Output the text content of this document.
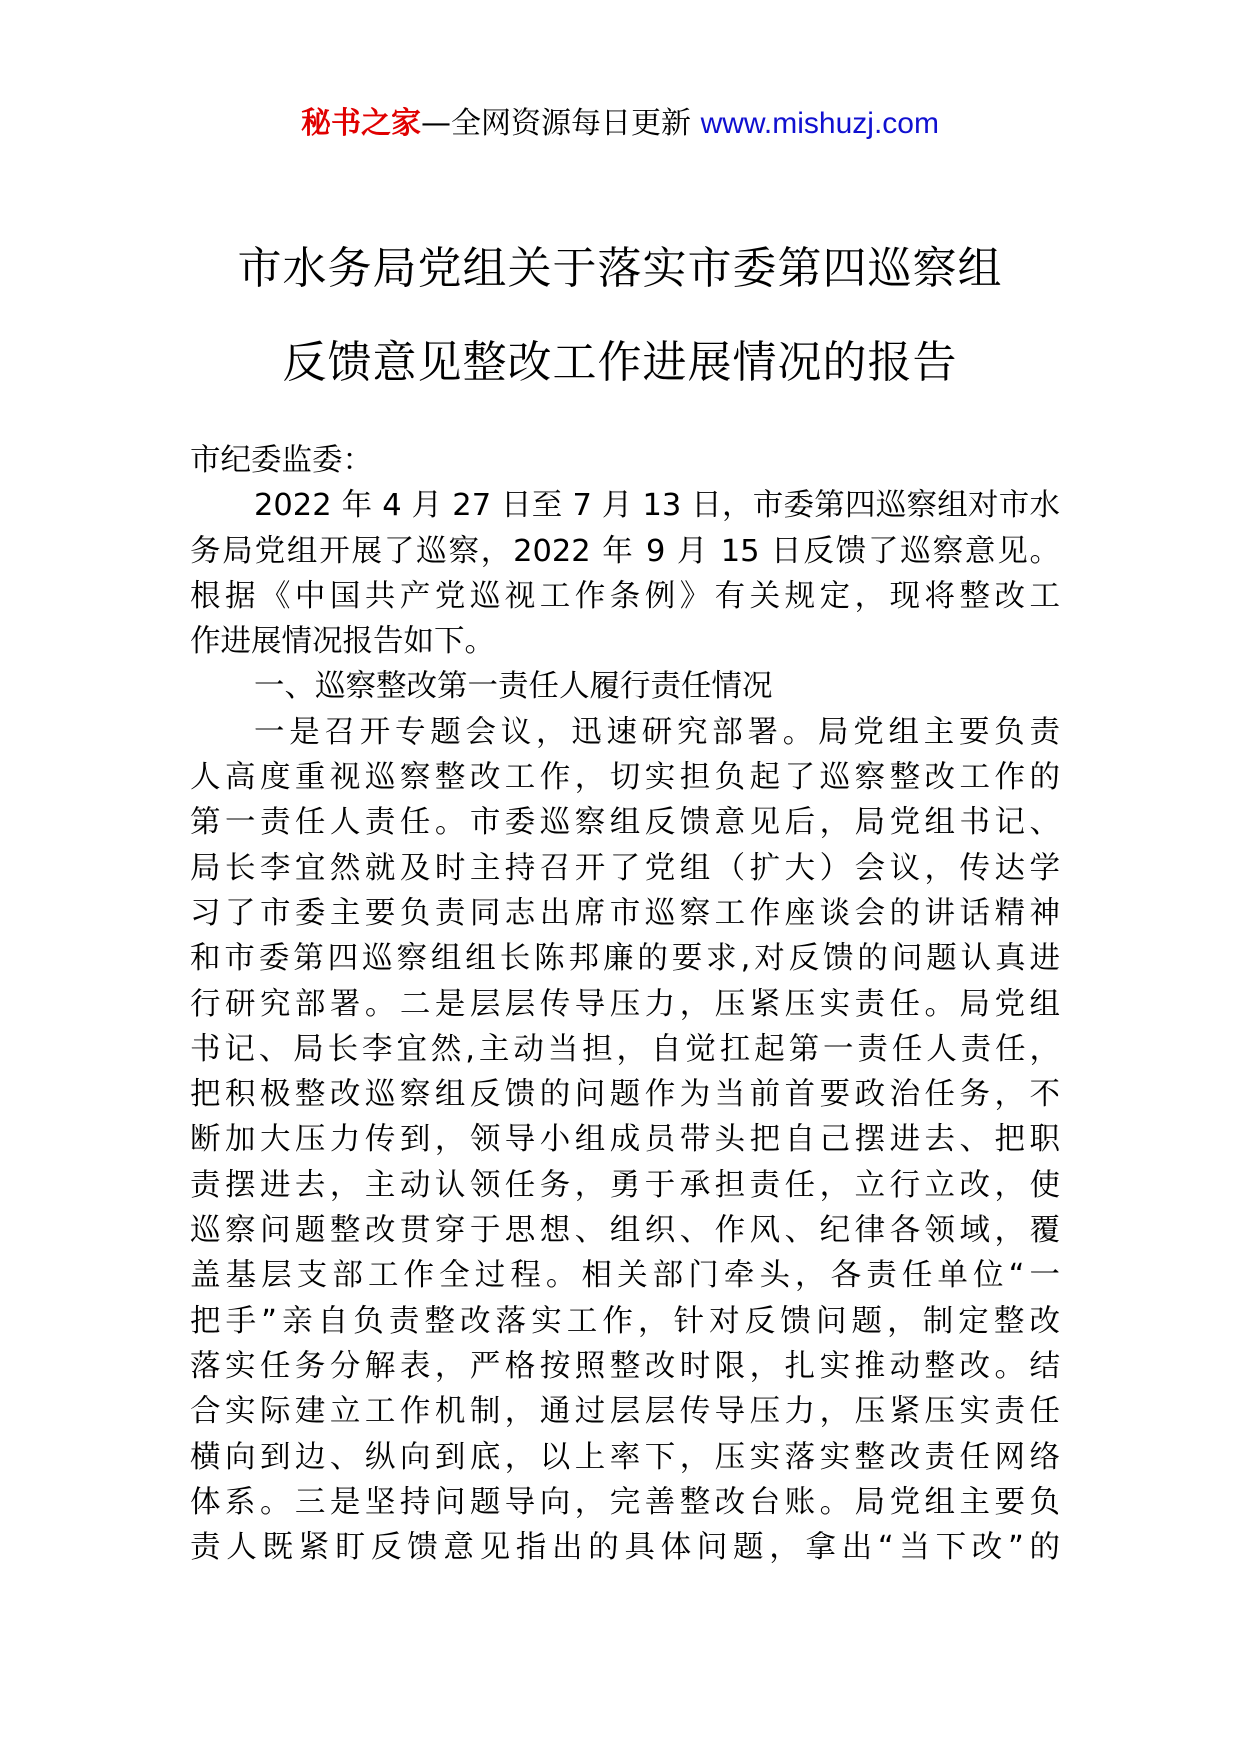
秘书之家—全网资源每日更新 www.mishuzj.com
市水务局党组关于落实市委第四巡察组
反馈意见整改工作进展情况的报告
市纪委监委：
2022 年 4 月 27 日至 7 月 13 日，市委第四巡察组对市水
务局党组开展了巡察，2022 年 9 月 15 日反馈了巡察意见。
根据《中国共产党巡视工作条例》有关规定，现将整改工
作进展情况报告如下。
一、巡察整改第一责任人履行责任情况
一是召开专题会议，迅速研究部署。局党组主要负责
人高度重视巡察整改工作，切实担负起了巡察整改工作的
第一责任人责任。市委巡察组反馈意见后，局党组书记、
局长李宜然就及时主持召开了党组（扩大）会议，传达学
习了市委主要负责同志出席市巡察工作座谈会的讲话精神
和市委第四巡察组组长陈邦廉的要求,对反馈的问题认真进
行研究部署。二是层层传导压力，压紧压实责任。局党组
书记、局长李宜然,主动当担，自觉扛起第一责任人责任，
把积极整改巡察组反馈的问题作为当前首要政治任务，不
断加大压力传到，领导小组成员带头把自己摆进去、把职
责摆进去，主动认领任务，勇于承担责任，立行立改，使
巡察问题整改贯穿于思想、组织、作风、纪律各领域，覆
盖基层支部工作全过程。相关部门牵头，各责任单位“一
把手”亲自负责整改落实工作，针对反馈问题，制定整改
落实任务分解表，严格按照整改时限，扎实推动整改。结
合实际建立工作机制，通过层层传导压力，压紧压实责任
横向到边、纵向到底，以上率下，压实落实整改责任网络
体系。三是坚持问题导向，完善整改台账。局党组主要负
责人既紧盯反馈意见指出的具体问题，拿出“当下改”的
